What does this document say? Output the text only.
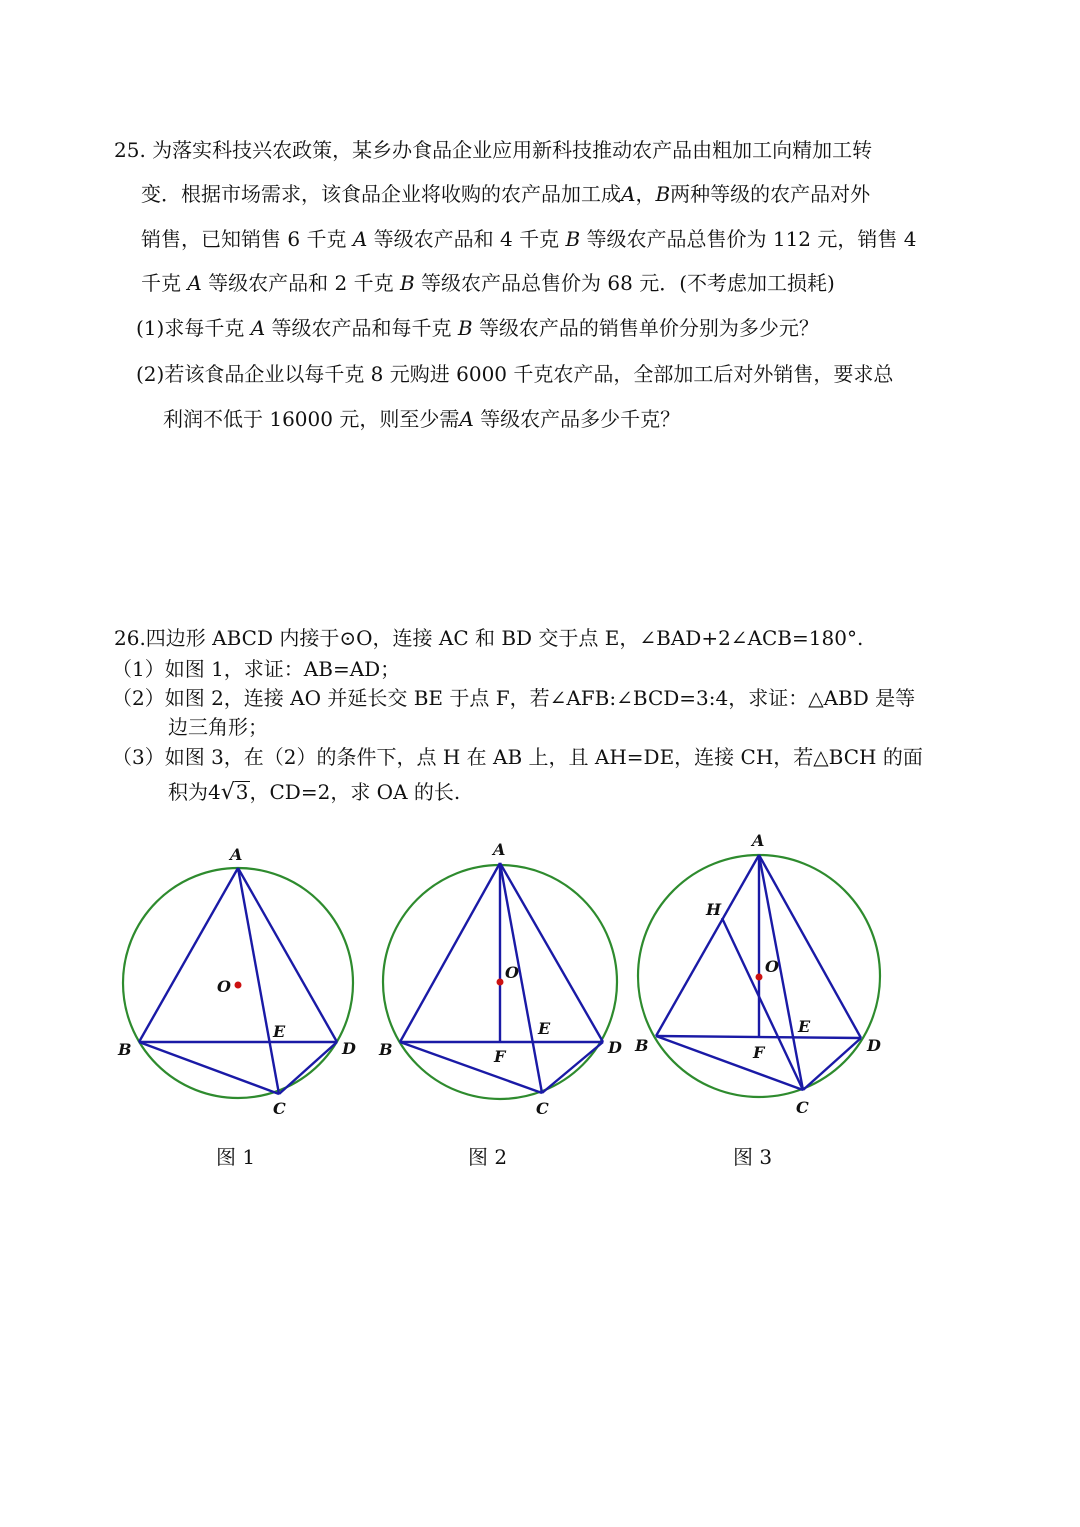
25. 为落实科技兴农政策，某乡办食品企业应用新科技推动农产品由粗加工向精加工转
变．根据市场需求，该食品企业将收购的农产品加工成A，B两种等级的农产品对外
销售，已知销售 6 千克 A 等级农产品和 4 千克 B 等级农产品总售价为 112 元，销售 4
千克 A 等级农产品和 2 千克 B 等级农产品总售价为 68 元．(不考虑加工损耗)
(1)求每千克 A 等级农产品和每千克 B 等级农产品的销售单价分别为多少元？
(2)若该食品企业以每千克 8 元购进 6000 千克农产品，全部加工后对外销售，要求总
利润不低于 16000 元，则至少需A 等级农产品多少千克？
26.四边形 ABCD 内接于⊙O，连接 AC 和 BD 交于点 E，∠BAD+2∠ACB=180°.
（1）如图 1，求证：AB=AD；
（2）如图 2，连接 AO 并延长交 BE 于点 F，若∠AFB:∠BCD=3:4，求证：△ABD 是等
边三角形；
（3）如图 3，在（2）的条件下，点 H 在 AB 上，且 AH=DE，连接 CH，若△BCH 的面
积为4√3，CD=2，求 OA 的长.
A
B
C
D
E
O
图 1
A
B
C
D
E
F
O
图 2
A
B
C
D
E
F
H
O
图 3
